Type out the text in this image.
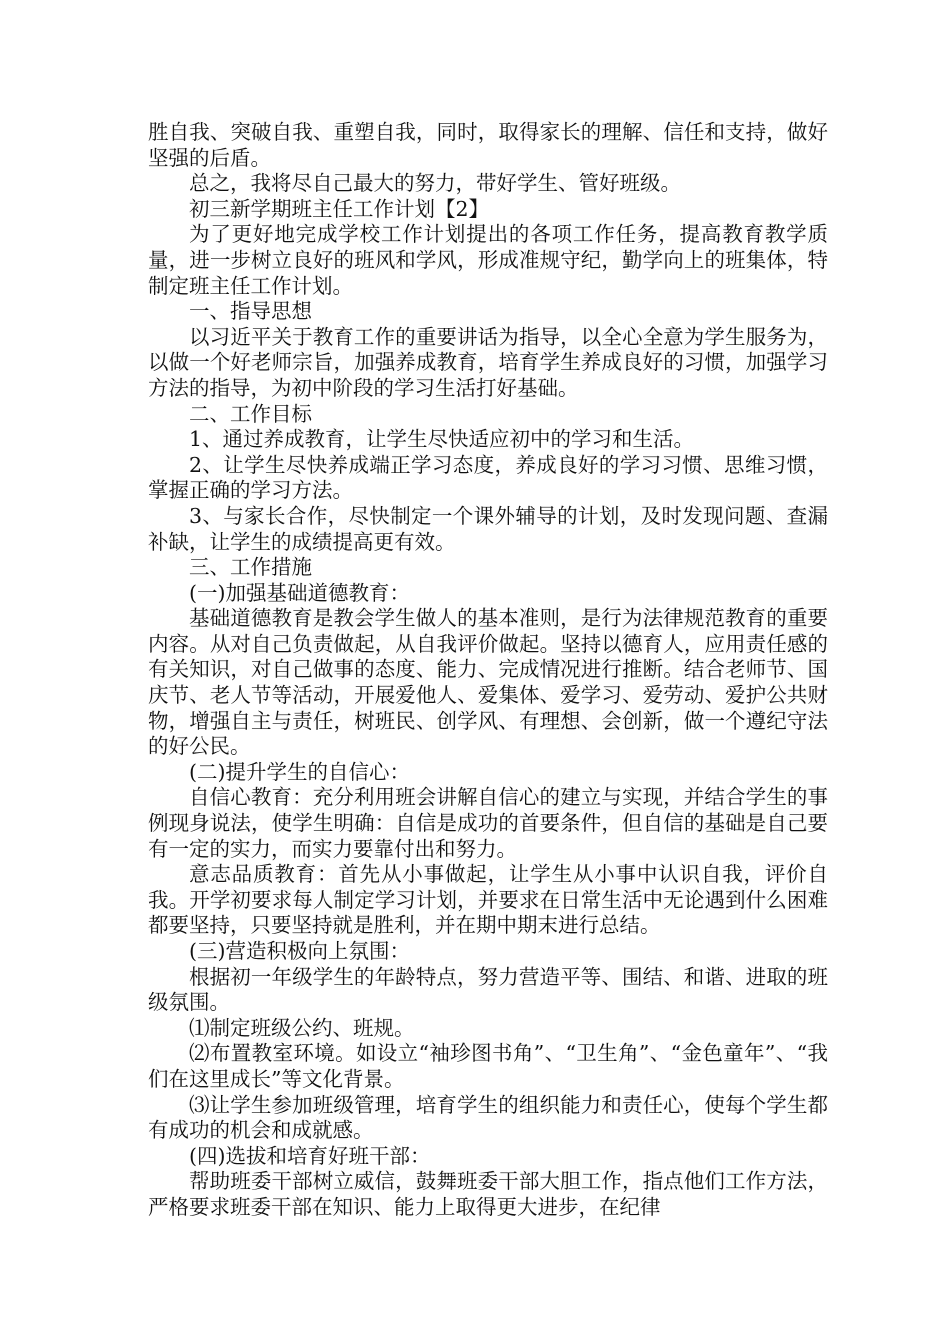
胜自我、突破自我、重塑自我，同时，取得家长的理解、信任和支持，做好坚强的后盾。

总之，我将尽自己最大的努力，带好学生、管好班级。

初三新学期班主任工作计划【2】

为了更好地完成学校工作计划提出的各项工作任务，提高教育教学质量，进一步树立良好的班风和学风，形成准规守纪，勤学向上的班集体，特制定班主任工作计划。

一、指导思想

以习近平关于教育工作的重要讲话为指导，以全心全意为学生服务为，以做一个好老师宗旨，加强养成教育，培育学生养成良好的习惯，加强学习方法的指导，为初中阶段的学习生活打好基础。

二、工作目标

1、通过养成教育，让学生尽快适应初中的学习和生活。

2、让学生尽快养成端正学习态度，养成良好的学习习惯、思维习惯，掌握正确的学习方法。

3、与家长合作，尽快制定一个课外辅导的计划，及时发现问题、查漏补缺，让学生的成绩提高更有效。

三、工作措施

(一)加强基础道德教育：

基础道德教育是教会学生做人的基本准则，是行为法律规范教育的重要内容。从对自己负责做起，从自我评价做起。坚持以德育人，应用责任感的有关知识，对自己做事的态度、能力、完成情况进行推断。结合老师节、国庆节、老人节等活动，开展爱他人、爱集体、爱学习、爱劳动、爱护公共财物，增强自主与责任，树班民、创学风、有理想、会创新，做一个遵纪守法的好公民。

(二)提升学生的自信心：

自信心教育：充分利用班会讲解自信心的建立与实现，并结合学生的事例现身说法，使学生明确：自信是成功的首要条件，但自信的基础是自己要有一定的实力，而实力要靠付出和努力。

意志品质教育：首先从小事做起，让学生从小事中认识自我，评价自我。开学初要求每人制定学习计划，并要求在日常生活中无论遇到什么困难都要坚持，只要坚持就是胜利，并在期中期末进行总结。

(三)营造积极向上氛围：

根据初一年级学生的年龄特点，努力营造平等、围结、和谐、进取的班级氛围。

⑴制定班级公约、班规。

⑵布置教室环境。如设立“袖珍图书角”、“卫生角”、“金色童年”、“我们在这里成长”等文化背景。

⑶让学生参加班级管理，培育学生的组织能力和责任心，使每个学生都有成功的机会和成就感。

(四)选拔和培育好班干部：

帮助班委干部树立威信，鼓舞班委干部大胆工作，指点他们工作方法，严格要求班委干部在知识、能力上取得更大进步，在纪律
